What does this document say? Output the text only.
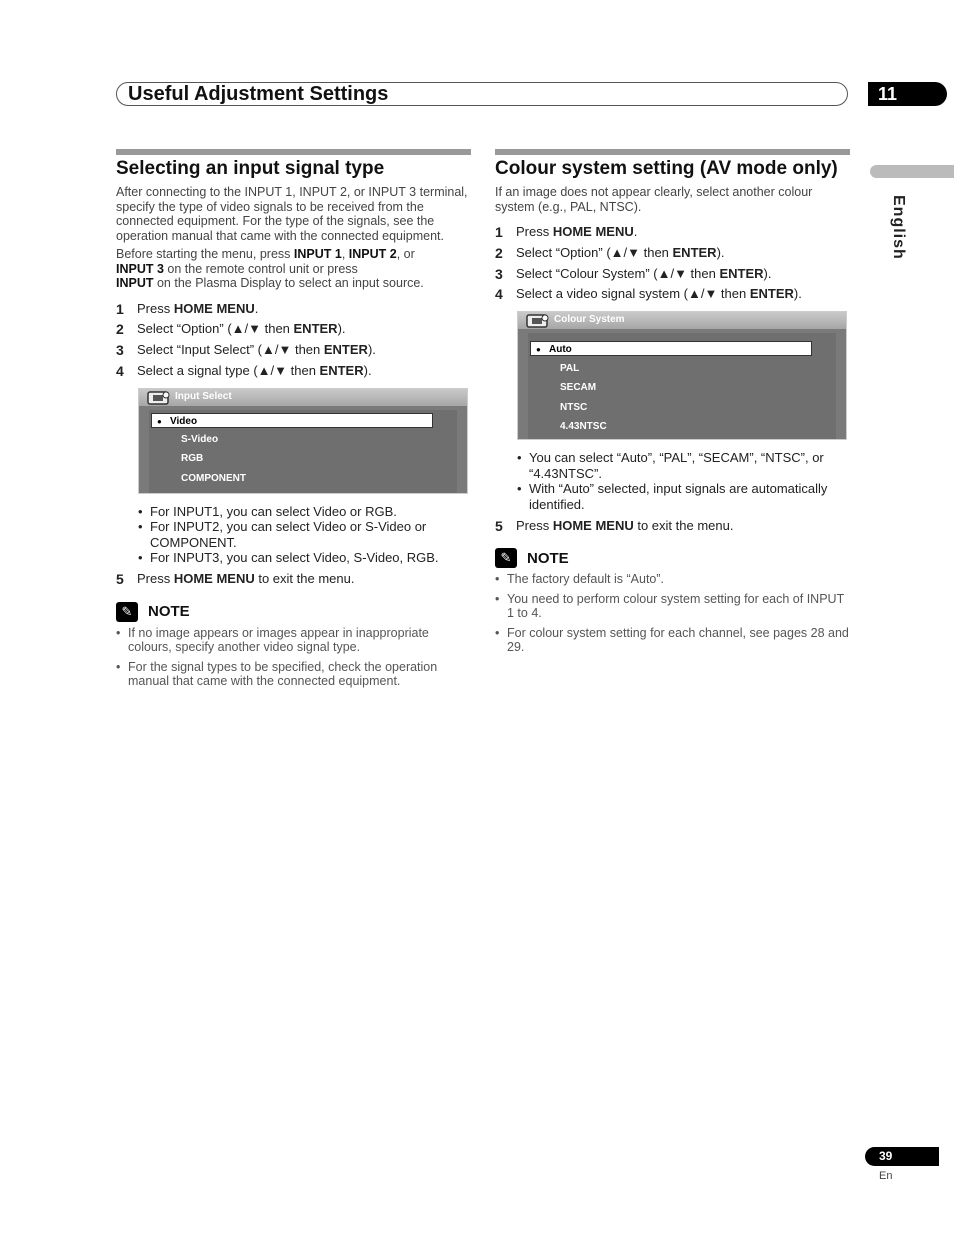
Useful Adjustment Settings	11
English
Selecting an input signal type

After connecting to the INPUT 1, INPUT 2, or INPUT 3 terminal, specify the type of video signals to be received from the connected equipment. For the type of the signals, see the operation manual that came with the connected equipment.

Before starting the menu, press INPUT 1, INPUT 2, or
INPUT 3 on the remote control unit or press
INPUT on the Plasma Display to select an input source.

1 Press HOME MENU.
2 Select “Option” (▲/▼ then ENTER).
3 Select “Input Select” (▲/▼ then ENTER).
4 Select a signal type (▲/▼ then ENTER).
Input Select
● Video
S-Video
RGB
COMPONENT
• For INPUT1, you can select Video or RGB.
• For INPUT2, you can select Video or S-Video or COMPONENT.
• For INPUT3, you can select Video, S-Video, RGB.
5 Press HOME MENU to exit the menu.
✎	NOTE
• If no image appears or images appear in inappropriate colours, specify another video signal type.
• For the signal types to be specified, check the operation manual that came with the connected equipment.
Colour system setting (AV mode only)

If an image does not appear clearly, select another colour system (e.g., PAL, NTSC).

1 Press HOME MENU.
2 Select “Option” (▲/▼ then ENTER).
3 Select “Colour System” (▲/▼ then ENTER).
4 Select a video signal system (▲/▼ then ENTER).
Colour System
● Auto
PAL
SECAM
NTSC
4.43NTSC
• You can select “Auto”, “PAL”, “SECAM”, “NTSC”, or “4.43NTSC”.
• With “Auto” selected, input signals are automatically identified.
5 Press HOME MENU to exit the menu.
✎	NOTE
• The factory default is “Auto”.
• You need to perform colour system setting for each of INPUT 1 to 4.
• For colour system setting for each channel, see pages 28 and 29.
39
En
